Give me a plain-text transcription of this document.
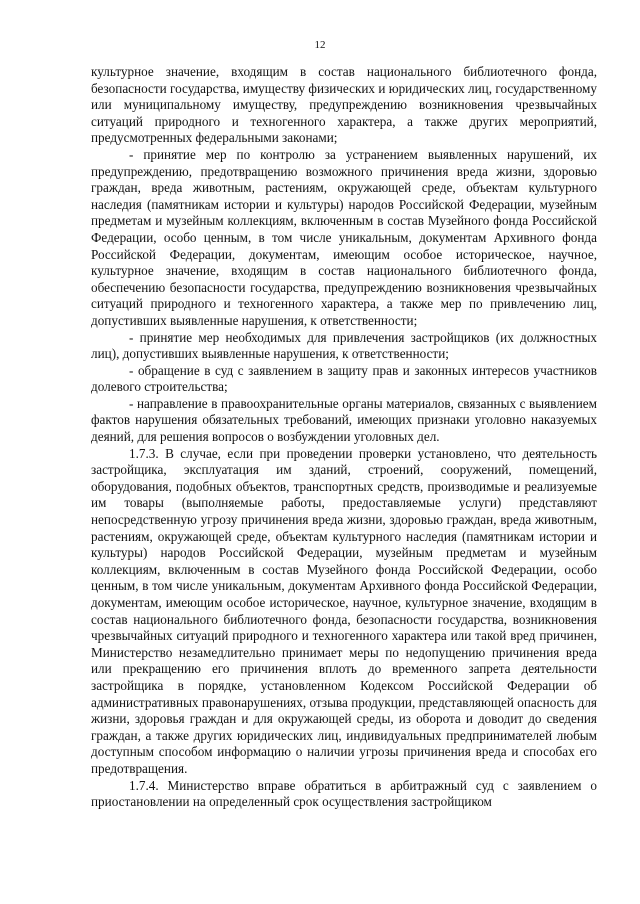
12

культурное значение, входящим в состав национального библиотечного фонда, безопасности государства, имуществу физических и юридических лиц, государственному или муниципальному имуществу, предупреждению возникновения чрезвычайных ситуаций природного и техногенного характера, а также других мероприятий, предусмотренных федеральными законами;

- принятие мер по контролю за устранением выявленных нарушений, их предупреждению, предотвращению возможного причинения вреда жизни, здоровью граждан, вреда животным, растениям, окружающей среде, объектам культурного наследия (памятникам истории и культуры) народов Российской Федерации, музейным предметам и музейным коллекциям, включенным в состав Музейного фонда Российской Федерации, особо ценным, в том числе уникальным, документам Архивного фонда Российской Федерации, документам, имеющим особое историческое, научное, культурное значение, входящим в состав национального библиотечного фонда, обеспечению безопасности государства, предупреждению возникновения чрезвычайных ситуаций природного и техногенного характера, а также мер по привлечению лиц, допустивших выявленные нарушения, к ответственности;

- принятие мер необходимых для привлечения застройщиков (их должностных лиц), допустивших выявленные нарушения, к ответственности;

- обращение в суд с заявлением в защиту прав и законных интересов участников долевого строительства;

- направление в правоохранительные органы материалов, связанных с выявлением фактов нарушения обязательных требований, имеющих признаки уголовно наказуемых деяний, для решения вопросов о возбуждении уголовных дел.

1.7.3. В случае, если при проведении проверки установлено, что деятельность застройщика, эксплуатация им зданий, строений, сооружений, помещений, оборудования, подобных объектов, транспортных средств, производимые и реализуемые им товары (выполняемые работы, предоставляемые услуги) представляют непосредственную угрозу причинения вреда жизни, здоровью граждан, вреда животным, растениям, окружающей среде, объектам культурного наследия (памятникам истории и культуры) народов Российской Федерации, музейным предметам и музейным коллекциям, включенным в состав Музейного фонда Российской Федерации, особо ценным, в том числе уникальным, документам Архивного фонда Российской Федерации, документам, имеющим особое историческое, научное, культурное значение, входящим в состав национального библиотечного фонда, безопасности государства, возникновения чрезвычайных ситуаций природного и техногенного характера или такой вред причинен, Министерство незамедлительно принимает меры по недопущению причинения вреда или прекращению его причинения вплоть до временного запрета деятельности застройщика в порядке, установленном Кодексом Российской Федерации об административных правонарушениях, отзыва продукции, представляющей опасность для жизни, здоровья граждан и для окружающей среды, из оборота и доводит до сведения граждан, а также других юридических лиц, индивидуальных предпринимателей любым доступным способом информацию о наличии угрозы причинения вреда и способах его предотвращения.

1.7.4. Министерство вправе обратиться в арбитражный суд с заявлением о приостановлении на определенный срок осуществления застройщиком
